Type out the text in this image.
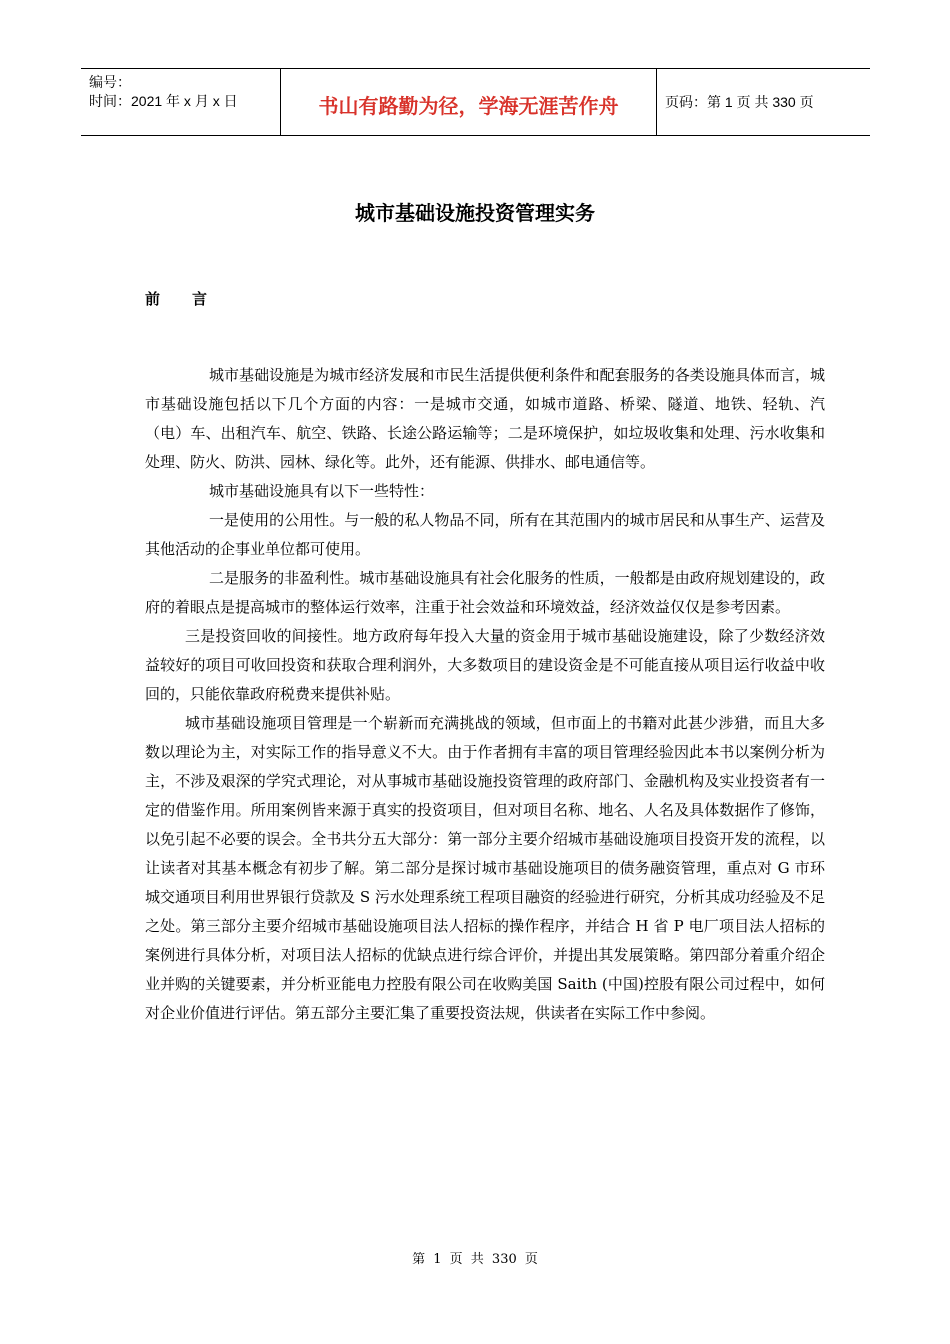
编号：
时间：2021 年 x 月 x 日	书山有路勤为径，学海无涯苦作舟	页码：第 1 页 共 330 页
城市基础设施投资管理实务
前言

城市基础设施是为城市经济发展和市民生活提供便利条件和配套服务的各类设施具体而言，城市基础设施包括以下几个方面的内容：一是城市交通，如城市道路、桥梁、隧道、地铁、轻轨、汽（电）车、出租汽车、航空、铁路、长途公路运输等；二是环境保护，如垃圾收集和处理、污水收集和处理、防火、防洪、园林、绿化等。此外，还有能源、供排水、邮电通信等。

城市基础设施具有以下一些特性：

一是使用的公用性。与一般的私人物品不同，所有在其范围内的城市居民和从事生产、运营及其他活动的企事业单位都可使用。

二是服务的非盈利性。城市基础设施具有社会化服务的性质，一般都是由政府规划建设的，政府的着眼点是提高城市的整体运行效率，注重于社会效益和环境效益，经济效益仅仅是参考因素。

三是投资回收的间接性。地方政府每年投入大量的资金用于城市基础设施建设，除了少数经济效益较好的项目可收回投资和获取合理利润外，大多数项目的建设资金是不可能直接从项目运行收益中收回的，只能依靠政府税费来提供补贴。

城市基础设施项目管理是一个崭新而充满挑战的领域，但市面上的书籍对此甚少涉猎，而且大多数以理论为主，对实际工作的指导意义不大。由于作者拥有丰富的项目管理经验因此本书以案例分析为主，不涉及艰深的学究式理论，对从事城市基础设施投资管理的政府部门、金融机构及实业投资者有一定的借鉴作用。所用案例皆来源于真实的投资项目，但对项目名称、地名、人名及具体数据作了修饰，以免引起不必要的误会。全书共分五大部分：第一部分主要介绍城市基础设施项目投资开发的流程，以让读者对其基本概念有初步了解。第二部分是探讨城市基础设施项目的债务融资管理，重点对 G 市环城交通项目利用世界银行贷款及 S 污水处理系统工程项目融资的经验进行研究，分析其成功经验及不足之处。第三部分主要介绍城市基础设施项目法人招标的操作程序，并结合 H 省 P 电厂项目法人招标的案例进行具体分析，对项目法人招标的优缺点进行综合评价，并提出其发展策略。第四部分着重介绍企业并购的关键要素，并分析亚能电力控股有限公司在收购美国 Saith (中国)控股有限公司过程中，如何对企业价值进行评估。第五部分主要汇集了重要投资法规，供读者在实际工作中参阅。

第 1 页 共 330 页
